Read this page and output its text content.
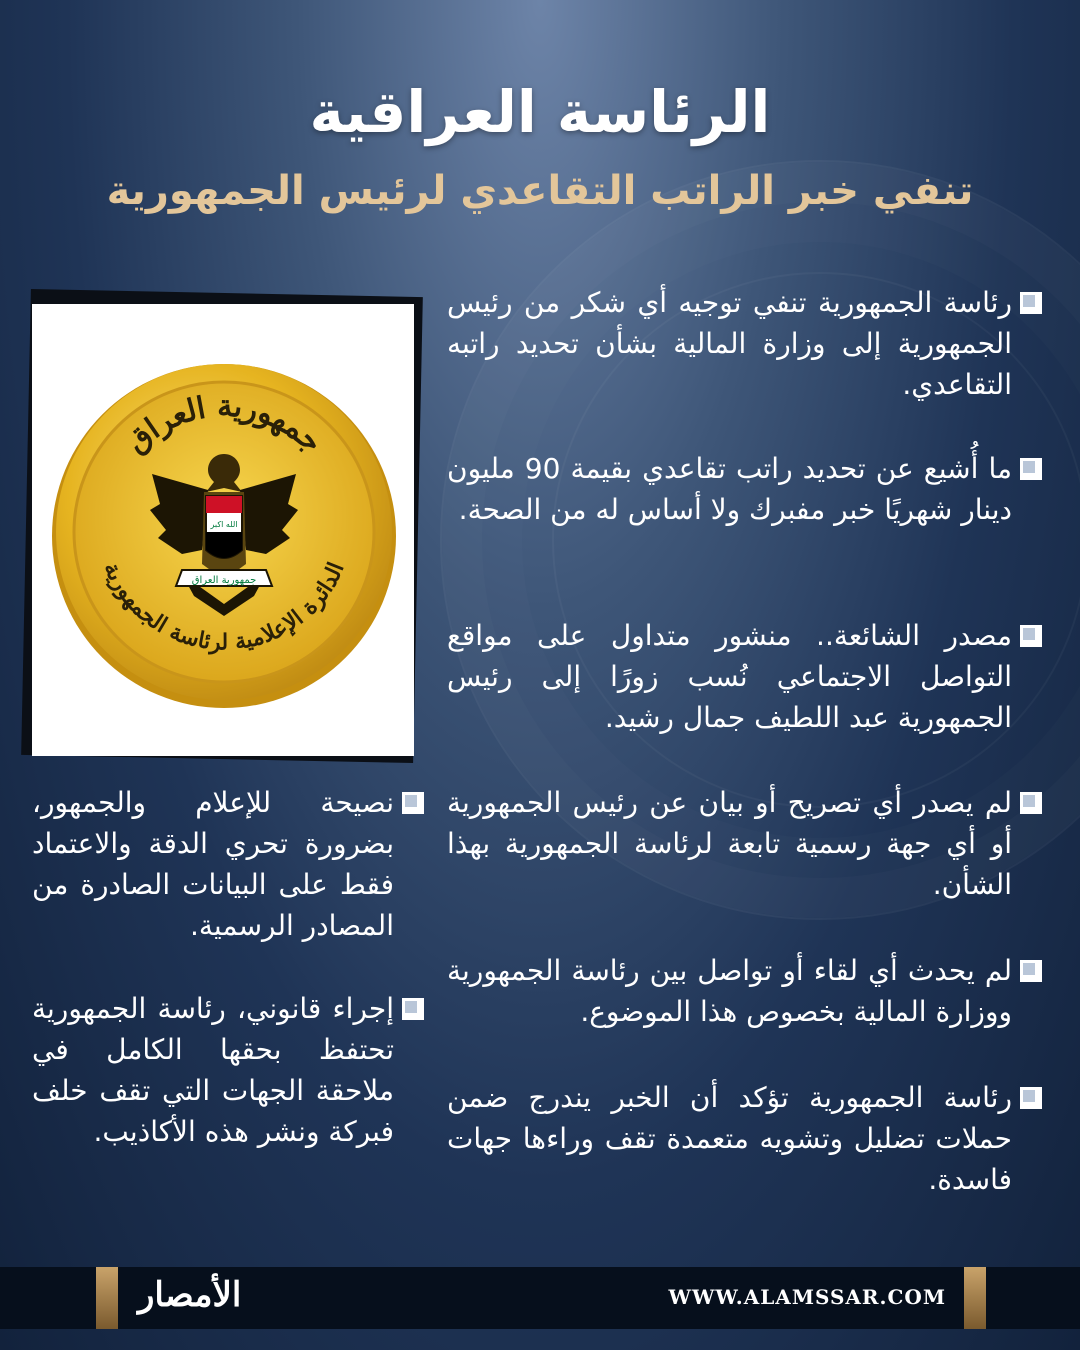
الرئاسة العراقية
تنفي خبر الراتب التقاعدي لرئيس الجمهورية
جمهورية العراق
الدائرة الإعلامية لرئاسة الجمهورية
الله اكبر
جمهورية العراق
رئاسة الجمهورية تنفي توجيه أي شكر من رئيس الجمهورية إلى وزارة المالية بشأن تحديد راتبه التقاعدي.
ما أُشيع عن تحديد راتب تقاعدي بقيمة 90 مليون دينار شهريًا خبر مفبرك ولا أساس له من الصحة.
مصدر الشائعة.. منشور متداول على مواقع التواصل الاجتماعي نُسب زورًا إلى رئيس الجمهورية عبد اللطيف جمال رشيد.
لم يصدر أي تصريح أو بيان عن رئيس الجمهورية أو أي جهة رسمية تابعة لرئاسة الجمهورية بهذا الشأن.
لم يحدث أي لقاء أو تواصل بين رئاسة الجمهورية ووزارة المالية بخصوص هذا الموضوع.
رئاسة الجمهورية تؤكد أن الخبر يندرج ضمن حملات تضليل وتشويه متعمدة تقف وراءها جهات فاسدة.
نصيحة للإعلام والجمهور، بضرورة تحري الدقة والاعتماد فقط على البيانات الصادرة من المصادر الرسمية.
إجراء قانوني، رئاسة الجمهورية تحتفظ بحقها الكامل في ملاحقة الجهات التي تقف خلف فبركة ونشر هذه الأكاذيب.
الأمصار	WWW.ALAMSSAR.COM
